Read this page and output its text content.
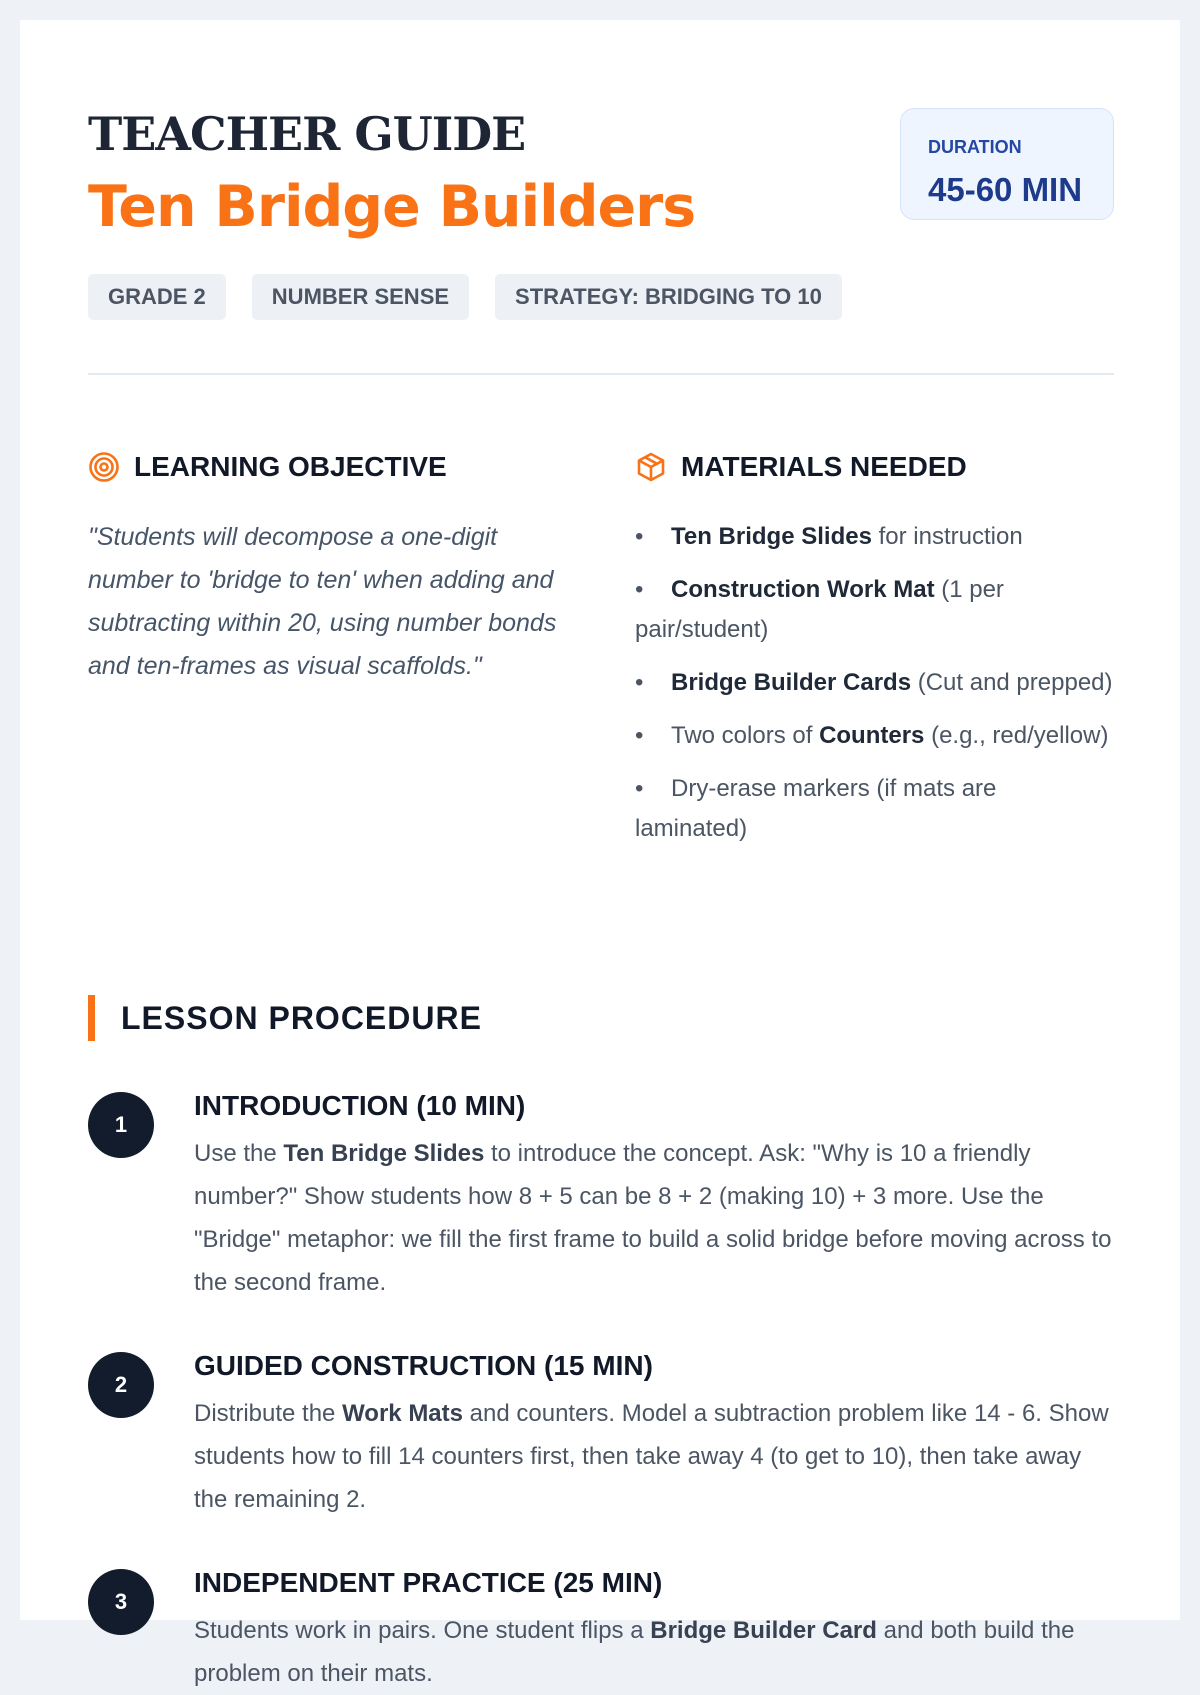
TEACHER GUIDE
Ten Bridge Builders
DURATION
45-60 MIN
GRADE 2	NUMBER SENSE	STRATEGY: BRIDGING TO 10
LEARNING OBJECTIVE
"Students will decompose a one-digit number to 'bridge to ten' when adding and subtracting within 20, using number bonds and ten-frames as visual scaffolds."
MATERIALS NEEDED
• Ten Bridge Slides for instruction
• Construction Work Mat (1 per pair/student)
• Bridge Builder Cards (Cut and prepped)
• Two colors of Counters (e.g., red/yellow)
• Dry-erase markers (if mats are laminated)
LESSON PROCEDURE
1
INTRODUCTION (10 MIN)
Use the Ten Bridge Slides to introduce the concept. Ask: "Why is 10 a friendly number?" Show students how 8 + 5 can be 8 + 2 (making 10) + 3 more. Use the "Bridge" metaphor: we fill the first frame to build a solid bridge before moving across to the second frame.
2
GUIDED CONSTRUCTION (15 MIN)
Distribute the Work Mats and counters. Model a subtraction problem like 14 - 6. Show students how to fill 14 counters first, then take away 4 (to get to 10), then take away the remaining 2.
3
INDEPENDENT PRACTICE (25 MIN)
Students work in pairs. One student flips a Bridge Builder Card and both build the problem on their mats.
